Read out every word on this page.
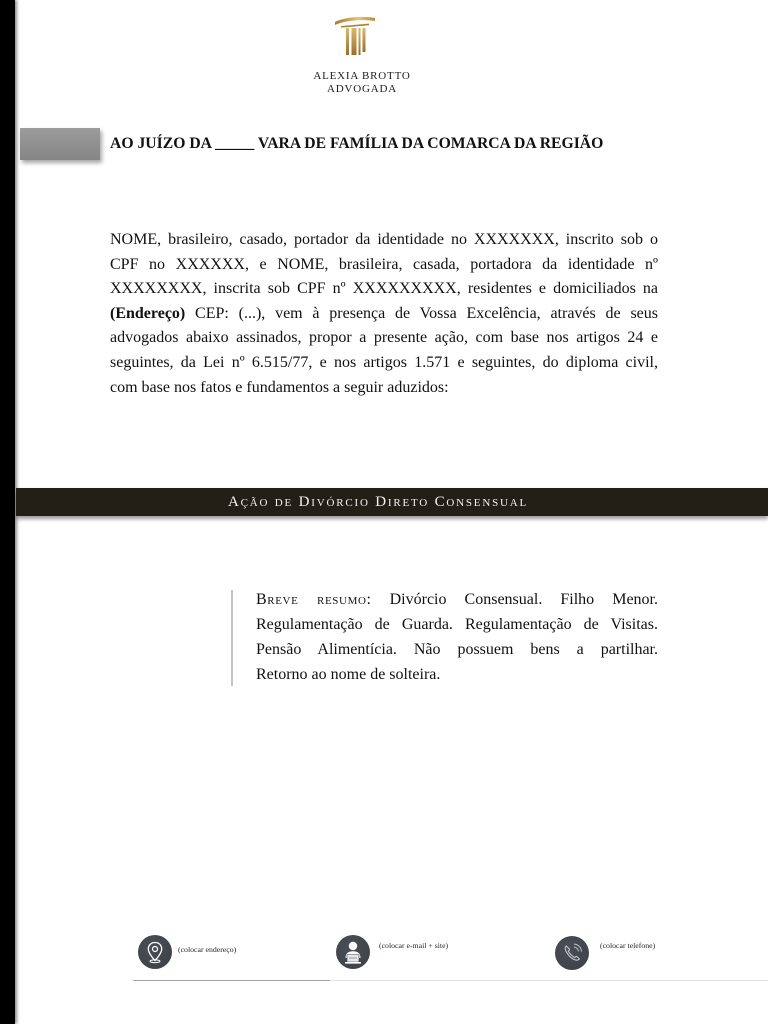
ALEXIA BROTTO
ADVOGADA
AO JUÍZO DA _____ VARA DE FAMÍLIA DA COMARCA DA REGIÃO
NOME, brasileiro, casado, portador da identidade no XXXXXXX, inscrito sob o
CPF no XXXXXX, e NOME, brasileira, casada, portadora da identidade nº
XXXXXXXX, inscrita sob CPF nº XXXXXXXXX, residentes e domiciliados na
(Endereço) CEP: (...), vem à presença de Vossa Excelência, através de seus
advogados abaixo assinados, propor a presente ação, com base nos artigos 24 e
seguintes, da Lei nº 6.515/77, e nos artigos 1.571 e seguintes, do diploma civil,
com base nos fatos e fundamentos a seguir aduzidos:
Ação de Divórcio Direto Consensual
Breve resumo: Divórcio Consensual. Filho Menor.
Regulamentação de Guarda. Regulamentação de Visitas.
Pensão Alimentícia. Não possuem bens a partilhar.
Retorno ao nome de solteira.
(colocar endereço)	(colocar e-mail + site)	(colocar telefone)
